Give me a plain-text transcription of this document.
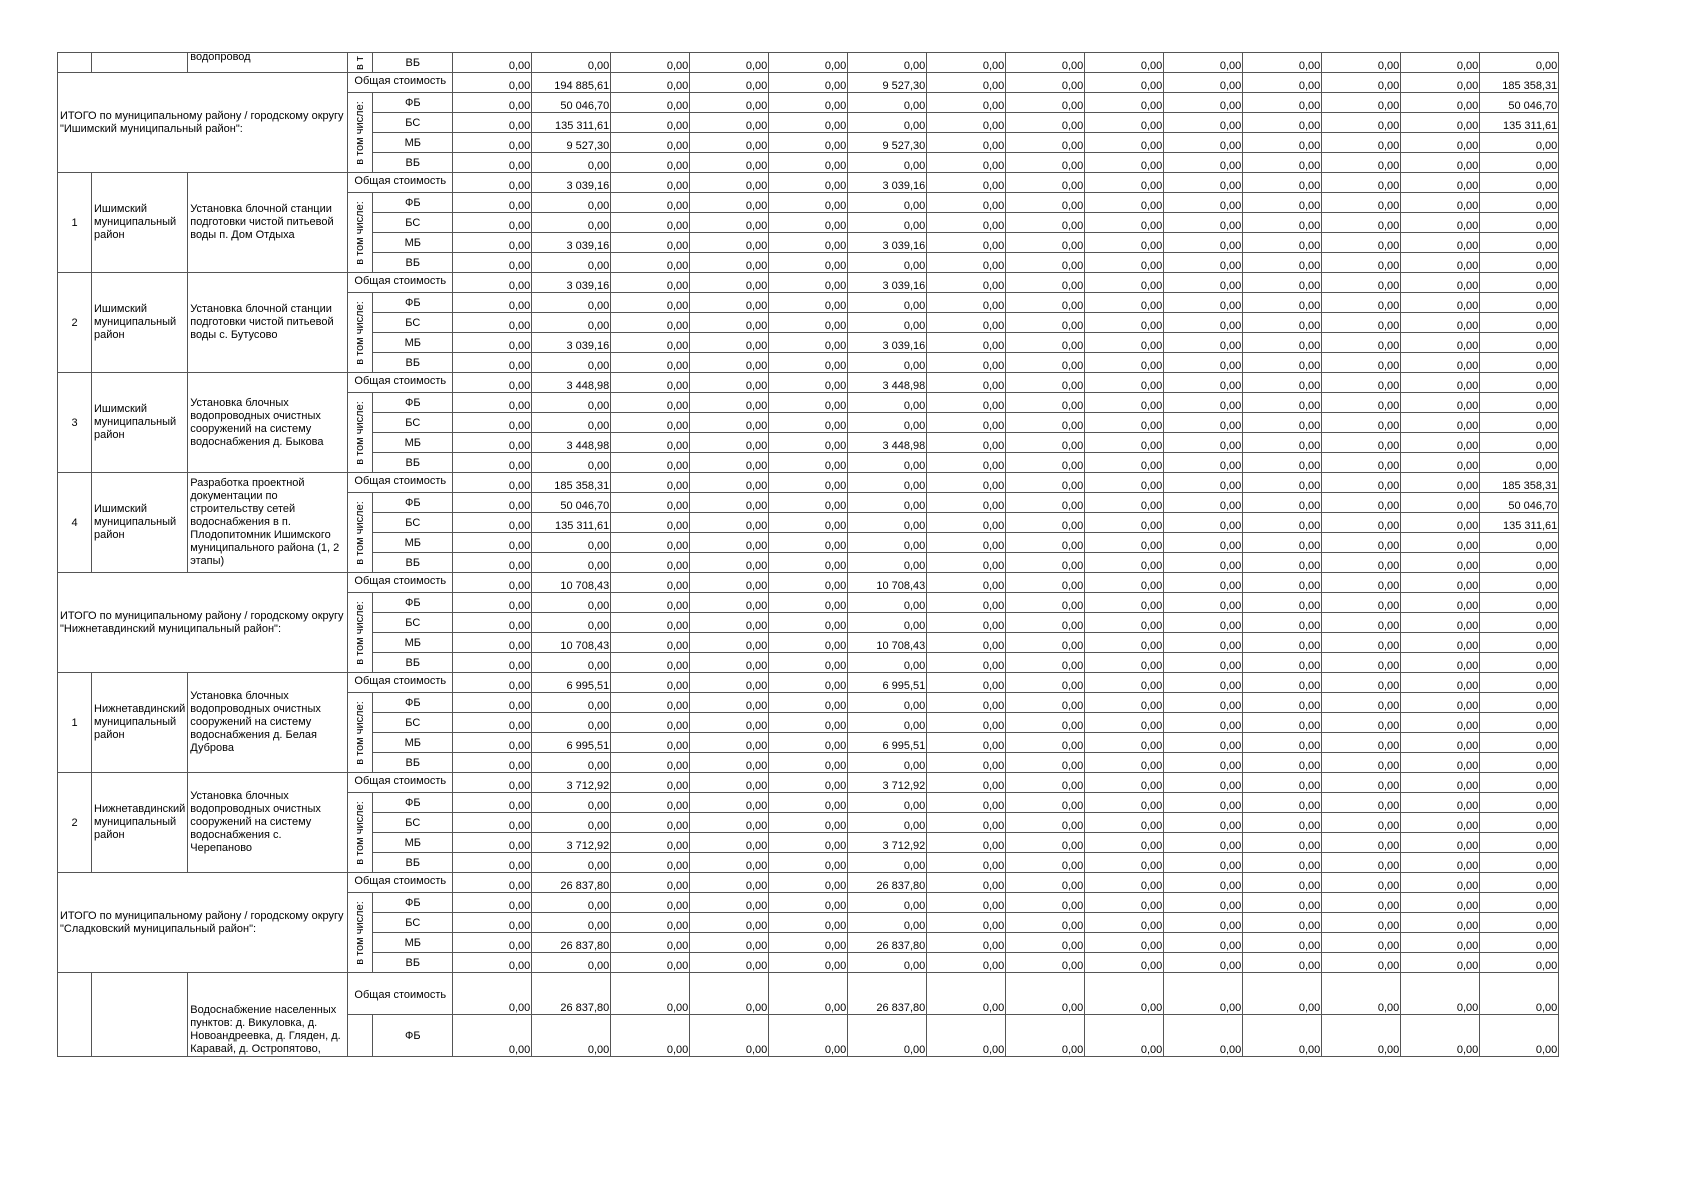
		водопровод	в т	ВБ	0,00	0,00	0,00	0,00	0,00	0,00	0,00	0,00	0,00	0,00	0,00	0,00	0,00	0,00
ИТОГО по муниципальному району / городскому округу "Ишимский муниципальный район":			Общая стоимость		0,00	194 885,61	0,00	0,00	0,00	9 527,30	0,00	0,00	0,00	0,00	0,00	0,00	0,00	185 358,31

			в том числе:	ФБ	0,00	50 046,70	0,00	0,00	0,00	0,00	0,00	0,00	0,00	0,00	0,00	0,00	0,00	50 046,70
				БС	0,00	135 311,61	0,00	0,00	0,00	0,00	0,00	0,00	0,00	0,00	0,00	0,00	0,00	135 311,61
				МБ	0,00	9 527,30	0,00	0,00	0,00	9 527,30	0,00	0,00	0,00	0,00	0,00	0,00	0,00	0,00
				ВБ	0,00	0,00	0,00	0,00	0,00	0,00	0,00	0,00	0,00	0,00	0,00	0,00	0,00	0,00
1	Ишимский муниципальный район	Установка блочной станции подготовки чистой питьевой воды п. Дом Отдыха	Общая стоимость		0,00	3 039,16	0,00	0,00	0,00	3 039,16	0,00	0,00	0,00	0,00	0,00	0,00	0,00	0,00

			в том числе:	ФБ	0,00	0,00	0,00	0,00	0,00	0,00	0,00	0,00	0,00	0,00	0,00	0,00	0,00	0,00
				БС	0,00	0,00	0,00	0,00	0,00	0,00	0,00	0,00	0,00	0,00	0,00	0,00	0,00	0,00
				МБ	0,00	3 039,16	0,00	0,00	0,00	3 039,16	0,00	0,00	0,00	0,00	0,00	0,00	0,00	0,00
				ВБ	0,00	0,00	0,00	0,00	0,00	0,00	0,00	0,00	0,00	0,00	0,00	0,00	0,00	0,00
2	Ишимский муниципальный район	Установка блочной станции подготовки чистой питьевой воды с. Бутусово	Общая стоимость		0,00	3 039,16	0,00	0,00	0,00	3 039,16	0,00	0,00	0,00	0,00	0,00	0,00	0,00	0,00

			в том числе:	ФБ	0,00	0,00	0,00	0,00	0,00	0,00	0,00	0,00	0,00	0,00	0,00	0,00	0,00	0,00
				БС	0,00	0,00	0,00	0,00	0,00	0,00	0,00	0,00	0,00	0,00	0,00	0,00	0,00	0,00
				МБ	0,00	3 039,16	0,00	0,00	0,00	3 039,16	0,00	0,00	0,00	0,00	0,00	0,00	0,00	0,00
				ВБ	0,00	0,00	0,00	0,00	0,00	0,00	0,00	0,00	0,00	0,00	0,00	0,00	0,00	0,00
3	Ишимский муниципальный район	Установка блочных водопроводных очистных сооружений на систему водоснабжения д. Быкова	Общая стоимость		0,00	3 448,98	0,00	0,00	0,00	3 448,98	0,00	0,00	0,00	0,00	0,00	0,00	0,00	0,00

			в том числе:	ФБ	0,00	0,00	0,00	0,00	0,00	0,00	0,00	0,00	0,00	0,00	0,00	0,00	0,00	0,00
				БС	0,00	0,00	0,00	0,00	0,00	0,00	0,00	0,00	0,00	0,00	0,00	0,00	0,00	0,00
				МБ	0,00	3 448,98	0,00	0,00	0,00	3 448,98	0,00	0,00	0,00	0,00	0,00	0,00	0,00	0,00
				ВБ	0,00	0,00	0,00	0,00	0,00	0,00	0,00	0,00	0,00	0,00	0,00	0,00	0,00	0,00
4	Ишимский муниципальный район	Разработка проектной документации по строительству сетей водоснабжения в п. Плодопитомник Ишимского муниципального района (1, 2 этапы)	Общая стоимость		0,00	185 358,31	0,00	0,00	0,00	0,00	0,00	0,00	0,00	0,00	0,00	0,00	0,00	185 358,31

			в том числе:	ФБ	0,00	50 046,70	0,00	0,00	0,00	0,00	0,00	0,00	0,00	0,00	0,00	0,00	0,00	50 046,70
				БС	0,00	135 311,61	0,00	0,00	0,00	0,00	0,00	0,00	0,00	0,00	0,00	0,00	0,00	135 311,61
				МБ	0,00	0,00	0,00	0,00	0,00	0,00	0,00	0,00	0,00	0,00	0,00	0,00	0,00	0,00
				ВБ	0,00	0,00	0,00	0,00	0,00	0,00	0,00	0,00	0,00	0,00	0,00	0,00	0,00	0,00
ИТОГО по муниципальному району / городскому округу "Нижнетавдинский муниципальный район":			Общая стоимость		0,00	10 708,43	0,00	0,00	0,00	10 708,43	0,00	0,00	0,00	0,00	0,00	0,00	0,00	0,00

			в том числе:	ФБ	0,00	0,00	0,00	0,00	0,00	0,00	0,00	0,00	0,00	0,00	0,00	0,00	0,00	0,00
				БС	0,00	0,00	0,00	0,00	0,00	0,00	0,00	0,00	0,00	0,00	0,00	0,00	0,00	0,00
				МБ	0,00	10 708,43	0,00	0,00	0,00	10 708,43	0,00	0,00	0,00	0,00	0,00	0,00	0,00	0,00
				ВБ	0,00	0,00	0,00	0,00	0,00	0,00	0,00	0,00	0,00	0,00	0,00	0,00	0,00	0,00
1	Нижнетавдинский муниципальный район	Установка блочных водопроводных очистных сооружений на систему водоснабжения д. Белая Дуброва	Общая стоимость		0,00	6 995,51	0,00	0,00	0,00	6 995,51	0,00	0,00	0,00	0,00	0,00	0,00	0,00	0,00

			в том числе:	ФБ	0,00	0,00	0,00	0,00	0,00	0,00	0,00	0,00	0,00	0,00	0,00	0,00	0,00	0,00
				БС	0,00	0,00	0,00	0,00	0,00	0,00	0,00	0,00	0,00	0,00	0,00	0,00	0,00	0,00
				МБ	0,00	6 995,51	0,00	0,00	0,00	6 995,51	0,00	0,00	0,00	0,00	0,00	0,00	0,00	0,00
				ВБ	0,00	0,00	0,00	0,00	0,00	0,00	0,00	0,00	0,00	0,00	0,00	0,00	0,00	0,00
2	Нижнетавдинский муниципальный район	Установка блочных водопроводных очистных сооружений на систему водоснабжения с. Черепаново	Общая стоимость		0,00	3 712,92	0,00	0,00	0,00	3 712,92	0,00	0,00	0,00	0,00	0,00	0,00	0,00	0,00

			в том числе:	ФБ	0,00	0,00	0,00	0,00	0,00	0,00	0,00	0,00	0,00	0,00	0,00	0,00	0,00	0,00
				БС	0,00	0,00	0,00	0,00	0,00	0,00	0,00	0,00	0,00	0,00	0,00	0,00	0,00	0,00
				МБ	0,00	3 712,92	0,00	0,00	0,00	3 712,92	0,00	0,00	0,00	0,00	0,00	0,00	0,00	0,00
				ВБ	0,00	0,00	0,00	0,00	0,00	0,00	0,00	0,00	0,00	0,00	0,00	0,00	0,00	0,00
ИТОГО по муниципальному району / городскому округу "Сладковский муниципальный район":			Общая стоимость		0,00	26 837,80	0,00	0,00	0,00	26 837,80	0,00	0,00	0,00	0,00	0,00	0,00	0,00	0,00

			в том числе:	ФБ	0,00	0,00	0,00	0,00	0,00	0,00	0,00	0,00	0,00	0,00	0,00	0,00	0,00	0,00
				БС	0,00	0,00	0,00	0,00	0,00	0,00	0,00	0,00	0,00	0,00	0,00	0,00	0,00	0,00
				МБ	0,00	26 837,80	0,00	0,00	0,00	26 837,80	0,00	0,00	0,00	0,00	0,00	0,00	0,00	0,00
				ВБ	0,00	0,00	0,00	0,00	0,00	0,00	0,00	0,00	0,00	0,00	0,00	0,00	0,00	0,00
		Водоснабжение населенных пунктов: д. Викуловка, д. Новоандреевка, д. Гляден, д. Каравай, д. Остропятово,	Общая стоимость		0,00	26 837,80	0,00	0,00	0,00	26 837,80	0,00	0,00	0,00	0,00	0,00	0,00	0,00	0,00
				ФБ	0,00	0,00	0,00	0,00	0,00	0,00	0,00	0,00	0,00	0,00	0,00	0,00	0,00	0,00
